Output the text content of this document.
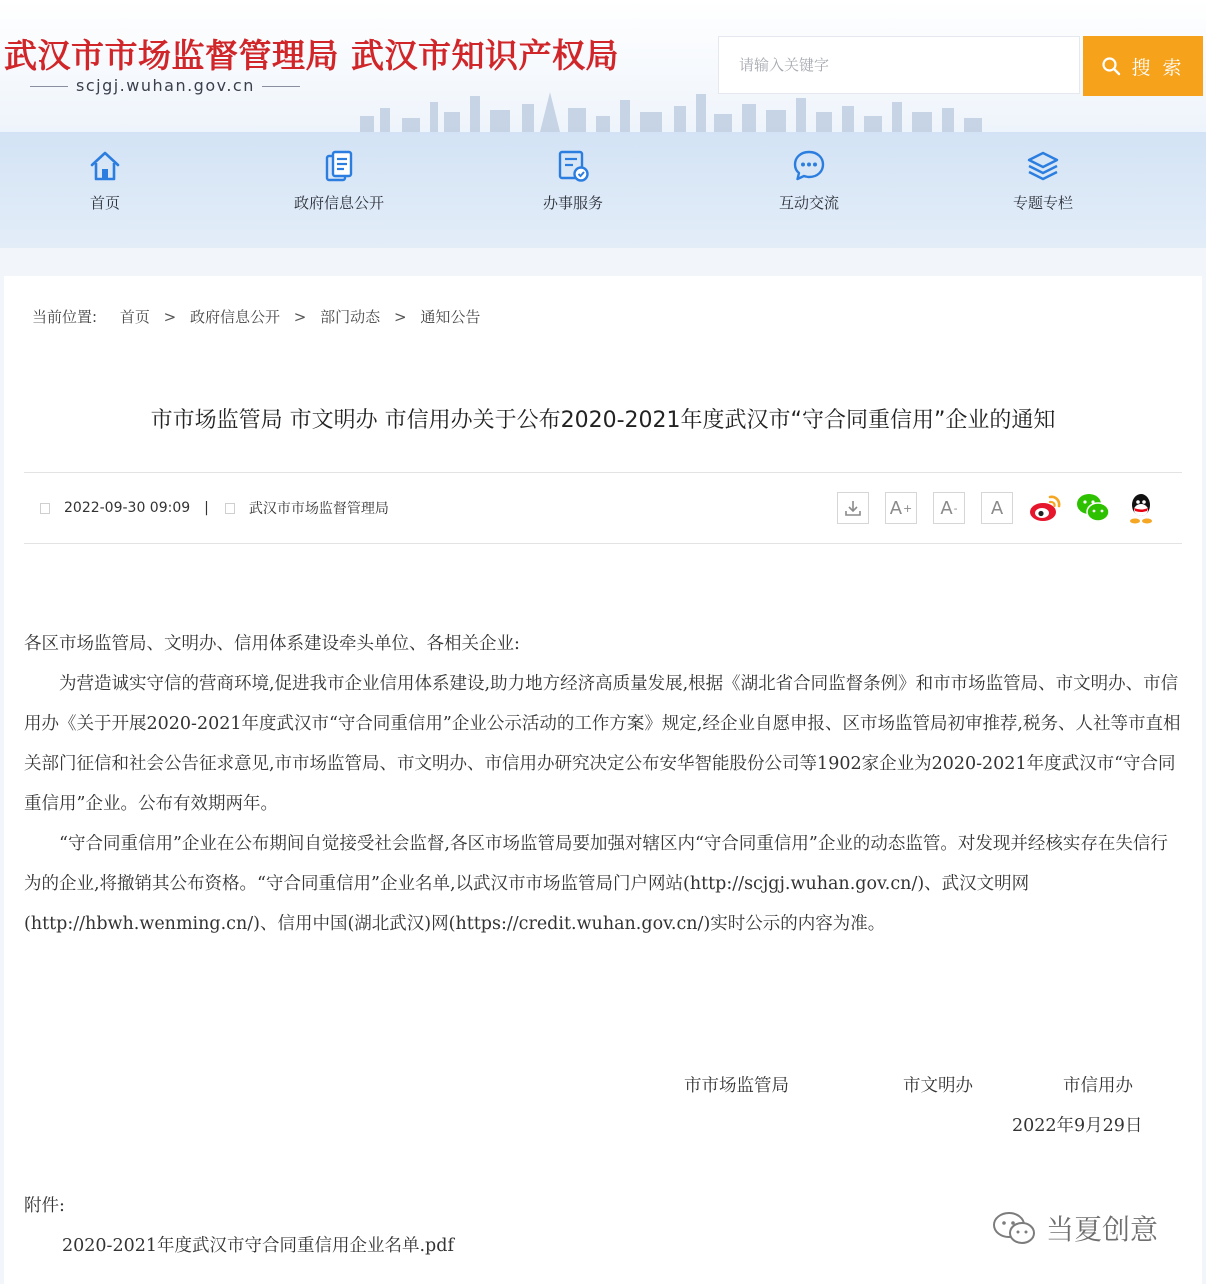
武汉市市场监督管理局 武汉市知识产权局
scjgj.wuhan.gov.cn
请输入关键字
搜 索
首页	政府信息公开	办事服务	互动交流	专题专栏
当前位置: 首页 > 政府信息公开 > 部门动态 > 通知公告
市市场监管局 市文明办 市信用办关于公布2020-2021年度武汉市“守合同重信用”企业的通知
2022-09-30 09:09 |	武汉市市场监督管理局	A + A - A
各区市场监管局、文明办、信用体系建设牵头单位、各相关企业:
为营造诚实守信的营商环境,促进我市企业信用体系建设,助力地方经济高质量发展,根据《湖北省合同监督条例》和市市场监管局、市文明办、市信用办《关于开展2020-2021年度武汉市“守合同重信用”企业公示活动的工作方案》规定,经企业自愿申报、区市场监管局初审推荐,税务、人社等市直相关部门征信和社会公告征求意见,市市场监管局、市文明办、市信用办研究决定公布安华智能股份公司等1902家企业为2020-2021年度武汉市“守合同重信用”企业。公布有效期两年。
“守合同重信用”企业在公布期间自觉接受社会监督,各区市场监管局要加强对辖区内“守合同重信用”企业的动态监管。对发现并经核实存在失信行为的企业,将撤销其公布资格。“守合同重信用”企业名单,以武汉市市场监管局门户网站(http://scjgj.wuhan.gov.cn/)、武汉文明网(http://hbwh.wenming.cn/)、信用中国(湖北武汉)网(https://credit.wuhan.gov.cn/)实时公示的内容为准。
市市场监管局	市文明办	市信用办
2022年9月29日
附件:
2020-2021年度武汉市守合同重信用企业名单.pdf	当夏创意
